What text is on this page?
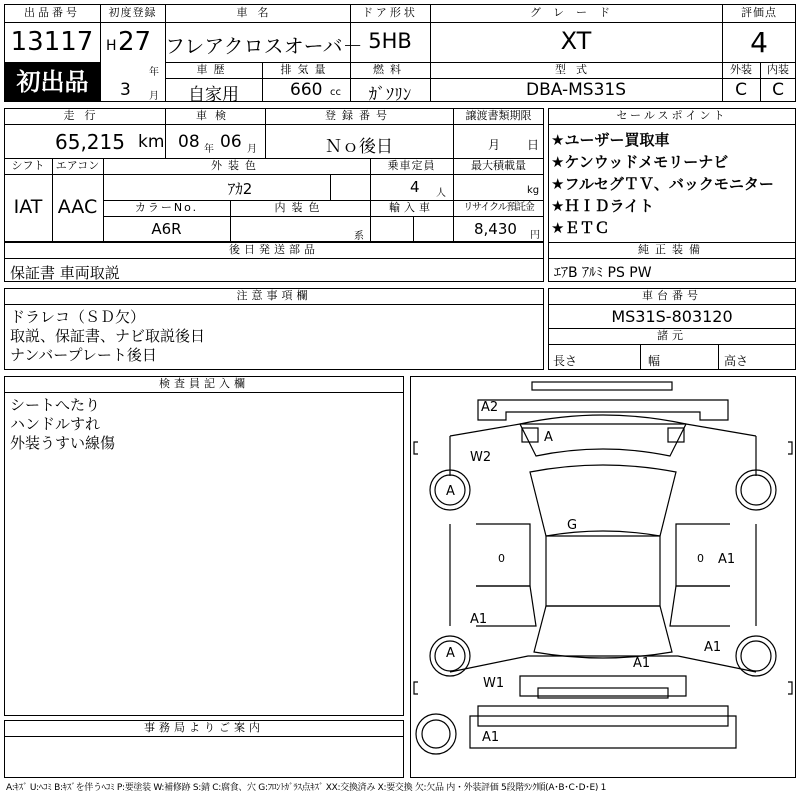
出品番号
13117
初出品
初度登録
H 27
年
3 月
車名
フレアクロスオーバ－
ドア形状
5HB
グレード
XT
評価点
4
車歴
自家用
排気量
660 cc
燃料
ｶﾞｿﾘﾝ
型式
DBA-MS31S
外装
C
内装
C
走行
65,215 km
車検
08 年 06 月
登録番号
Ｎｏ後日
譲渡書類期限
月 日
シフト
IAT
エアコン
AAC
外装色
ｱｶ2
乗車定員
4 人
最大積載量
kg
カラーNo.
A6R
内装色
系
輸入車	リサイクル預託金
8,430 円
後日発送部品
保証書 車両取説
セールスポイント
★ユーザー買取車
★ケンウッドメモリーナビ
★フルセグＴＶ、バックモニター
★ＨＩＤライト
★ＥＴＣ
純正装備
ｴｱB ｱﾙﾐ PS PW
注意事項欄
ドラレコ（ＳＤ欠）
取説、保証書、ナビ取説後日
ナンバープレート後日
車台番号
MS31S-803120
諸元
長さ	幅	高さ
検査員記入欄
シートへたり
ハンドルすれ
外装うすい線傷
事務局よりご案内
A2
A
W2
A
G
0	0 A1
A1
A	A1
A1
W1
A1
A:ｷｽﾞ U:ﾍｺﾐ B:ｷｽﾞを伴うﾍｺﾐ P:要塗装 W:補修跡 S:錆 C:腐食、穴 G:ﾌﾛﾝﾄｶﾞﾗｽ点ｷｽﾞ XX:交換済み X:要交換 欠:欠品 内・外装評価 5段階ﾗﾝｸ順(A･B･C･D･E) 1
